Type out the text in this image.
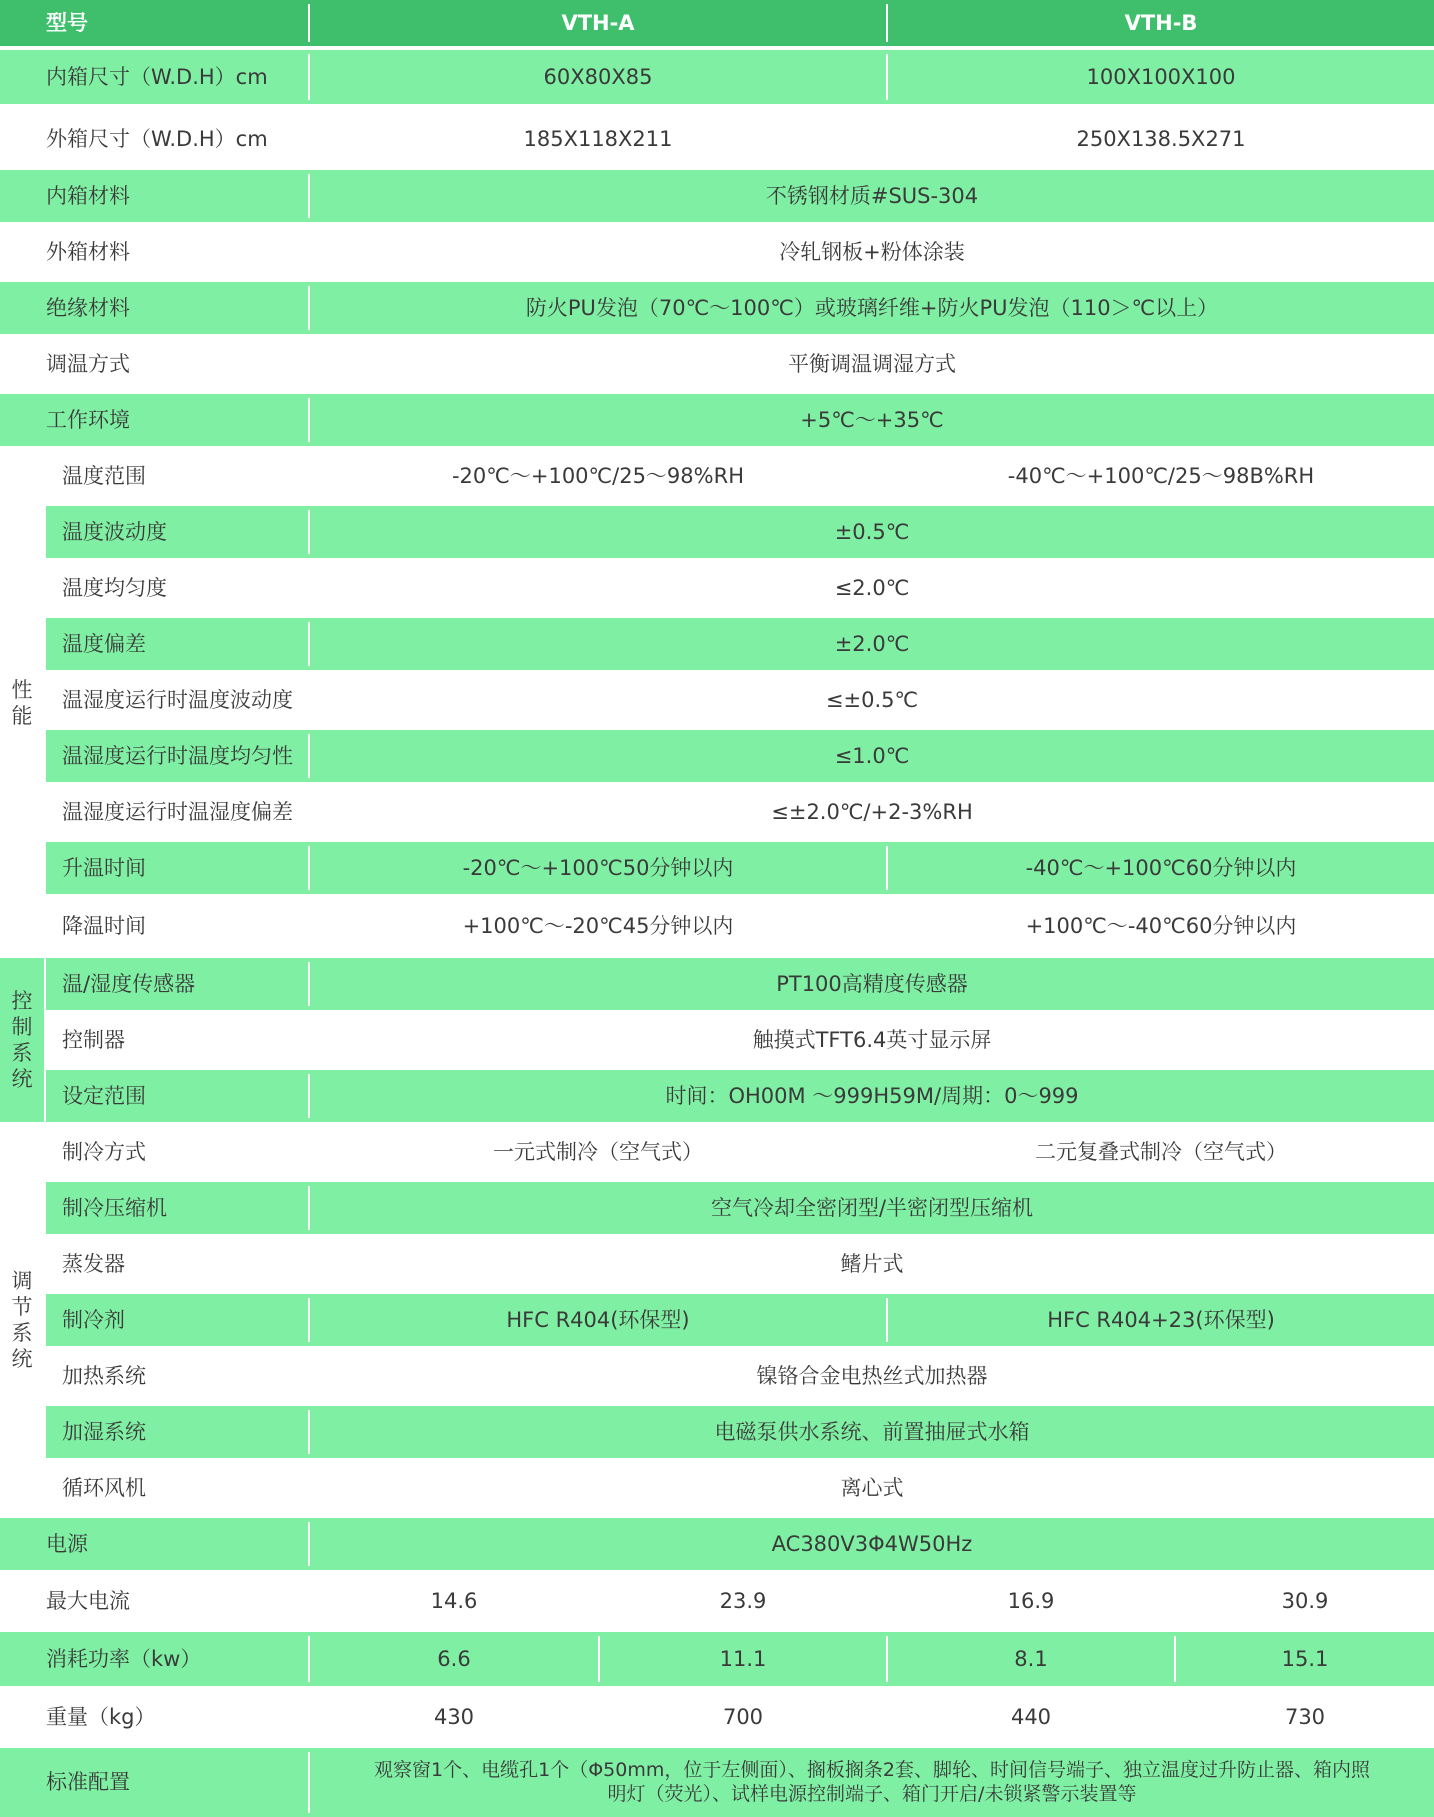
型号	VTH-A	VTH-B
内箱尺寸（W.D.H）cm	60X80X85	100X100X100
外箱尺寸（W.D.H）cm	185X118X211	250X138.5X271
内箱材料	不锈钢材质#SUS-304
外箱材料	冷轧钢板+粉体涂装
绝缘材料	防火PU发泡（70℃～100℃）或玻璃纤维+防火PU发泡（110＞℃以上）
调温方式	平衡调温调湿方式
工作环境	+5℃～+35℃
性
能
温度范围	-20℃～+100℃/25～98%RH	-40℃～+100℃/25～98B%RH
温度波动度	±0.5℃
温度均匀度	≤2.0℃
温度偏差	±2.0℃
温湿度运行时温度波动度	≤±0.5℃
温湿度运行时温度均匀性	≤1.0℃
温湿度运行时温湿度偏差	≤±2.0℃/+2-3%RH
升温时间	-20℃～+100℃50分钟以内	-40℃～+100℃60分钟以内
降温时间	+100℃～-20℃45分钟以内	+100℃～-40℃60分钟以内
控
制
系
统
温/湿度传感器	PT100高精度传感器
控制器	触摸式TFT6.4英寸显示屏
设定范围	时间：OH00M ～999H59M/周期：0～999
调
节
系
统
制冷方式	一元式制冷（空气式）	二元复叠式制冷（空气式）
制冷压缩机	空气冷却全密闭型/半密闭型压缩机
蒸发器	鳍片式
制冷剂	HFC R404(环保型)	HFC R404+23(环保型)
加热系统	镍铬合金电热丝式加热器
加湿系统	电磁泵供水系统、前置抽屉式水箱
循环风机	离心式
电源	AC380V3Φ4W50Hz
最大电流	14.6	23.9	16.9	30.9
消耗功率（kw）	6.6	11.1	8.1	15.1
重量（kg）	430	700	440	730
标准配置
观察窗1个、电缆孔1个（Φ50mm，位于左侧面）、搁板搁条2套、脚轮、时间信号端子、独立温度过升防止器、箱内照
明灯（荧光）、试样电源控制端子、箱门开启/未锁紧警示装置等
